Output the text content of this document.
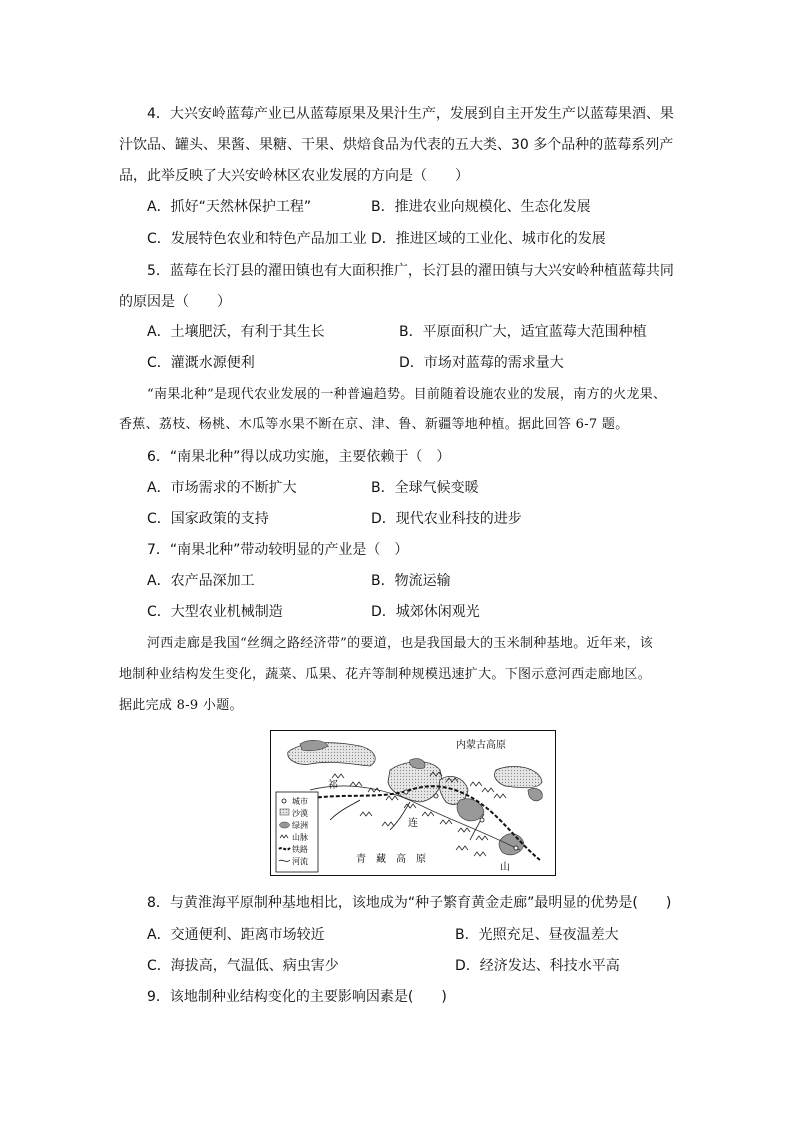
4．大兴安岭蓝莓产业已从蓝莓原果及果汁生产，发展到自主开发生产以蓝莓果酒、果
汁饮品、罐头、果酱、果糖、干果、烘焙食品为代表的五大类、30 多个品种的蓝莓系列产
品，此举反映了大兴安岭林区农业发展的方向是（　　）
A．抓好“天然林保护工程”	B．推进农业向规模化、生态化发展
C．发展特色农业和特色产品加工业 D．推进区域的工业化、城市化的发展
5．蓝莓在长汀县的濯田镇也有大面积推广，长汀县的濯田镇与大兴安岭种植蓝莓共同
的原因是（　　）
A．土壤肥沃，有利于其生长	B．平原面积广大，适宜蓝莓大范围种植
C．灌溉水源便利	D．市场对蓝莓的需求量大
“南果北种”是现代农业发展的一种普遍趋势。目前随着设施农业的发展，南方的火龙果、
香蕉、荔枝、杨桃、木瓜等水果不断在京、津、鲁、新疆等地种植。据此回答 6-7 题。
6．“南果北种”得以成功实施，主要依赖于（　）
A．市场需求的不断扩大	B．全球气候变暖
C．国家政策的支持	D．现代农业科技的进步
7．“南果北种”带动较明显的产业是（　）
A．农产品深加工	B．物流运输
C．大型农业机械制造	D．城郊休闲观光
河西走廊是我国“丝绸之路经济带”的要道，也是我国最大的玉米制种基地。近年来，该
地制种业结构发生变化，蔬菜、瓜果、花卉等制种规模迅速扩大。下图示意河西走廊地区。
据此完成 8-9 小题。
内蒙古高原
青　藏　高　原
祁
连
山
城市
沙漠
绿洲
山脉
铁路
河流
8．与黄淮海平原制种基地相比，该地成为“种子繁育黄金走廊”最明显的优势是(　　)
A．交通便利、距离市场较近	B．光照充足、昼夜温差大
C．海拔高，气温低、病虫害少	D．经济发达、科技水平高
9．该地制种业结构变化的主要影响因素是(　　)
